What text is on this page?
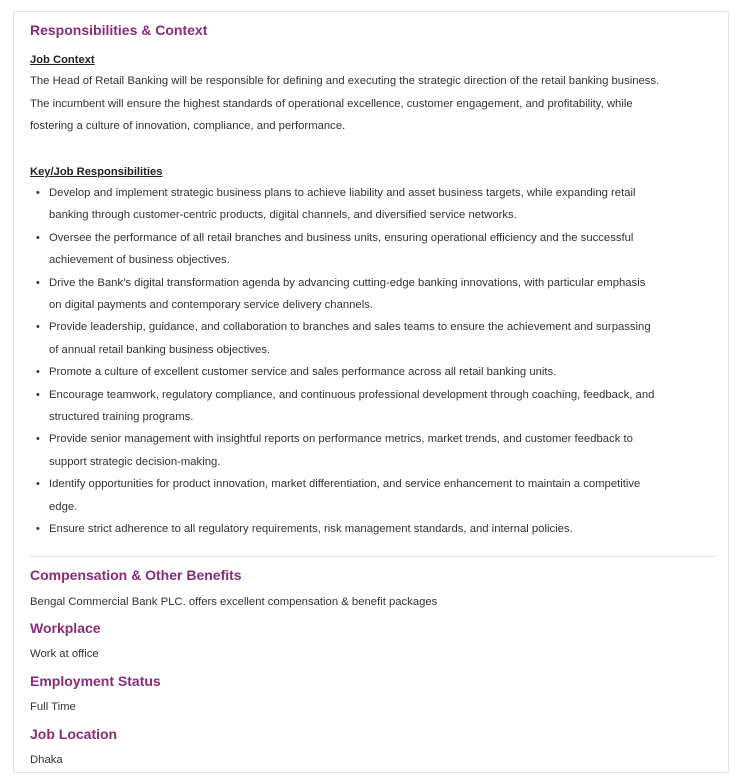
Responsibilities & Context

Job Context

The Head of Retail Banking will be responsible for defining and executing the strategic direction of the retail banking business.

The incumbent will ensure the highest standards of operational excellence, customer engagement, and profitability, while

fostering a culture of innovation, compliance, and performance.

Key/Job Responsibilities

• Develop and implement strategic business plans to achieve liability and asset business targets, while expanding retail
banking through customer-centric products, digital channels, and diversified service networks.
• Oversee the performance of all retail branches and business units, ensuring operational efficiency and the successful
achievement of business objectives.
• Drive the Bank’s digital transformation agenda by advancing cutting-edge banking innovations, with particular emphasis
on digital payments and contemporary service delivery channels.
• Provide leadership, guidance, and collaboration to branches and sales teams to ensure the achievement and surpassing
of annual retail banking business objectives.
• Promote a culture of excellent customer service and sales performance across all retail banking units.
• Encourage teamwork, regulatory compliance, and continuous professional development through coaching, feedback, and
structured training programs.
• Provide senior management with insightful reports on performance metrics, market trends, and customer feedback to
support strategic decision-making.
• Identify opportunities for product innovation, market differentiation, and service enhancement to maintain a competitive
edge.
• Ensure strict adherence to all regulatory requirements, risk management standards, and internal policies.
Compensation & Other Benefits

Bengal Commercial Bank PLC. offers excellent compensation & benefit packages

Workplace

Work at office

Employment Status

Full Time

Job Location

Dhaka
